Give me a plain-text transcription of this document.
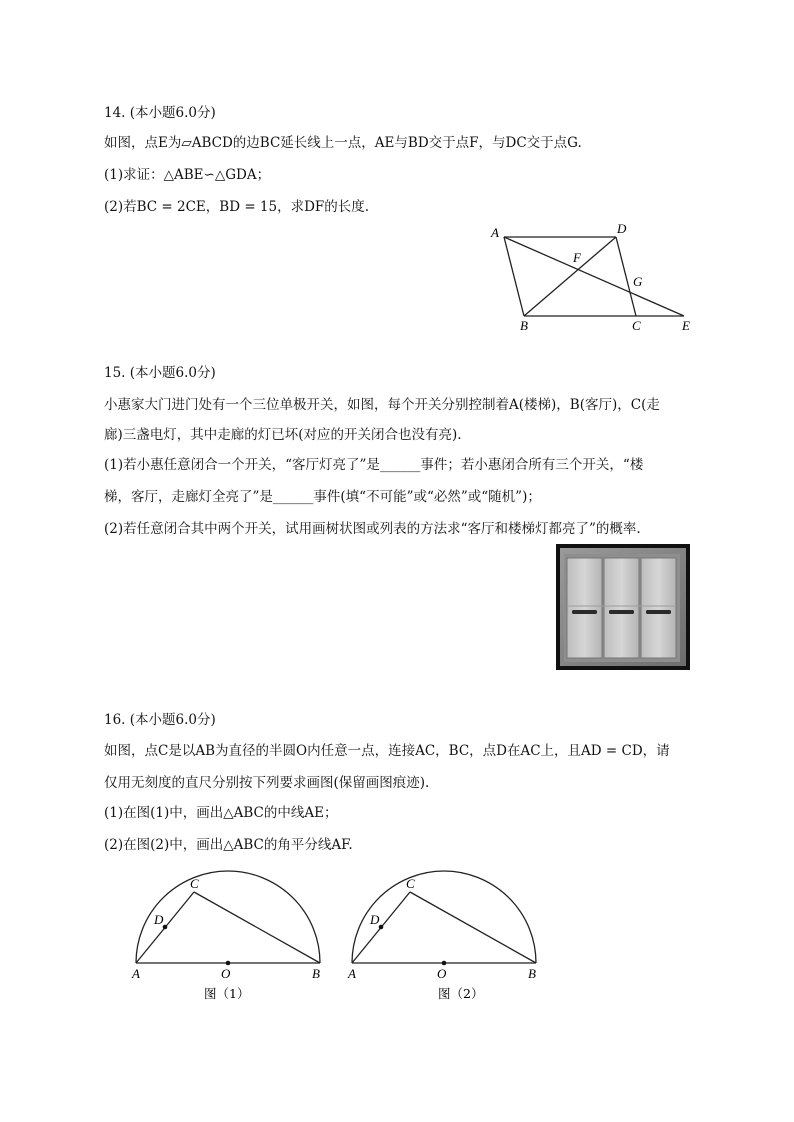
14. (本小题6.0分)
如图，点E为▱ABCD的边BC延长线上一点，AE与BD交于点F，与DC交于点G.
(1)求证：△ABE∽△GDA；
(2)若BC = 2CE，BD = 15，求DF的长度.
A	D
F
G
B	C	E
15. (本小题6.0分)
小惠家大门进门处有一个三位单极开关，如图，每个开关分别控制着A(楼梯)，B(客厅)，C(走
廊)三盏电灯，其中走廊的灯已坏(对应的开关闭合也没有亮).
(1)若小惠任意闭合一个开关，“客厅灯亮了”是______事件；若小惠闭合所有三个开关，“楼
梯，客厅，走廊灯全亮了”是______事件(填“不可能”或“必然”或“随机”)；
(2)若任意闭合其中两个开关，试用画树状图或列表的方法求“客厅和楼梯灯都亮了”的概率.
16. (本小题6.0分)
如图，点C是以AB为直径的半圆O内任意一点，连接AC，BC，点D在AC上，且AD = CD，请
仅用无刻度的直尺分别按下列要求画图(保留画图痕迹).
(1)在图(1)中，画出△ABC的中线AE；
(2)在图(2)中，画出△ABC的角平分线AF.
A	O	B
C
D
图（1）
A	O	B
C
D
图（2）
